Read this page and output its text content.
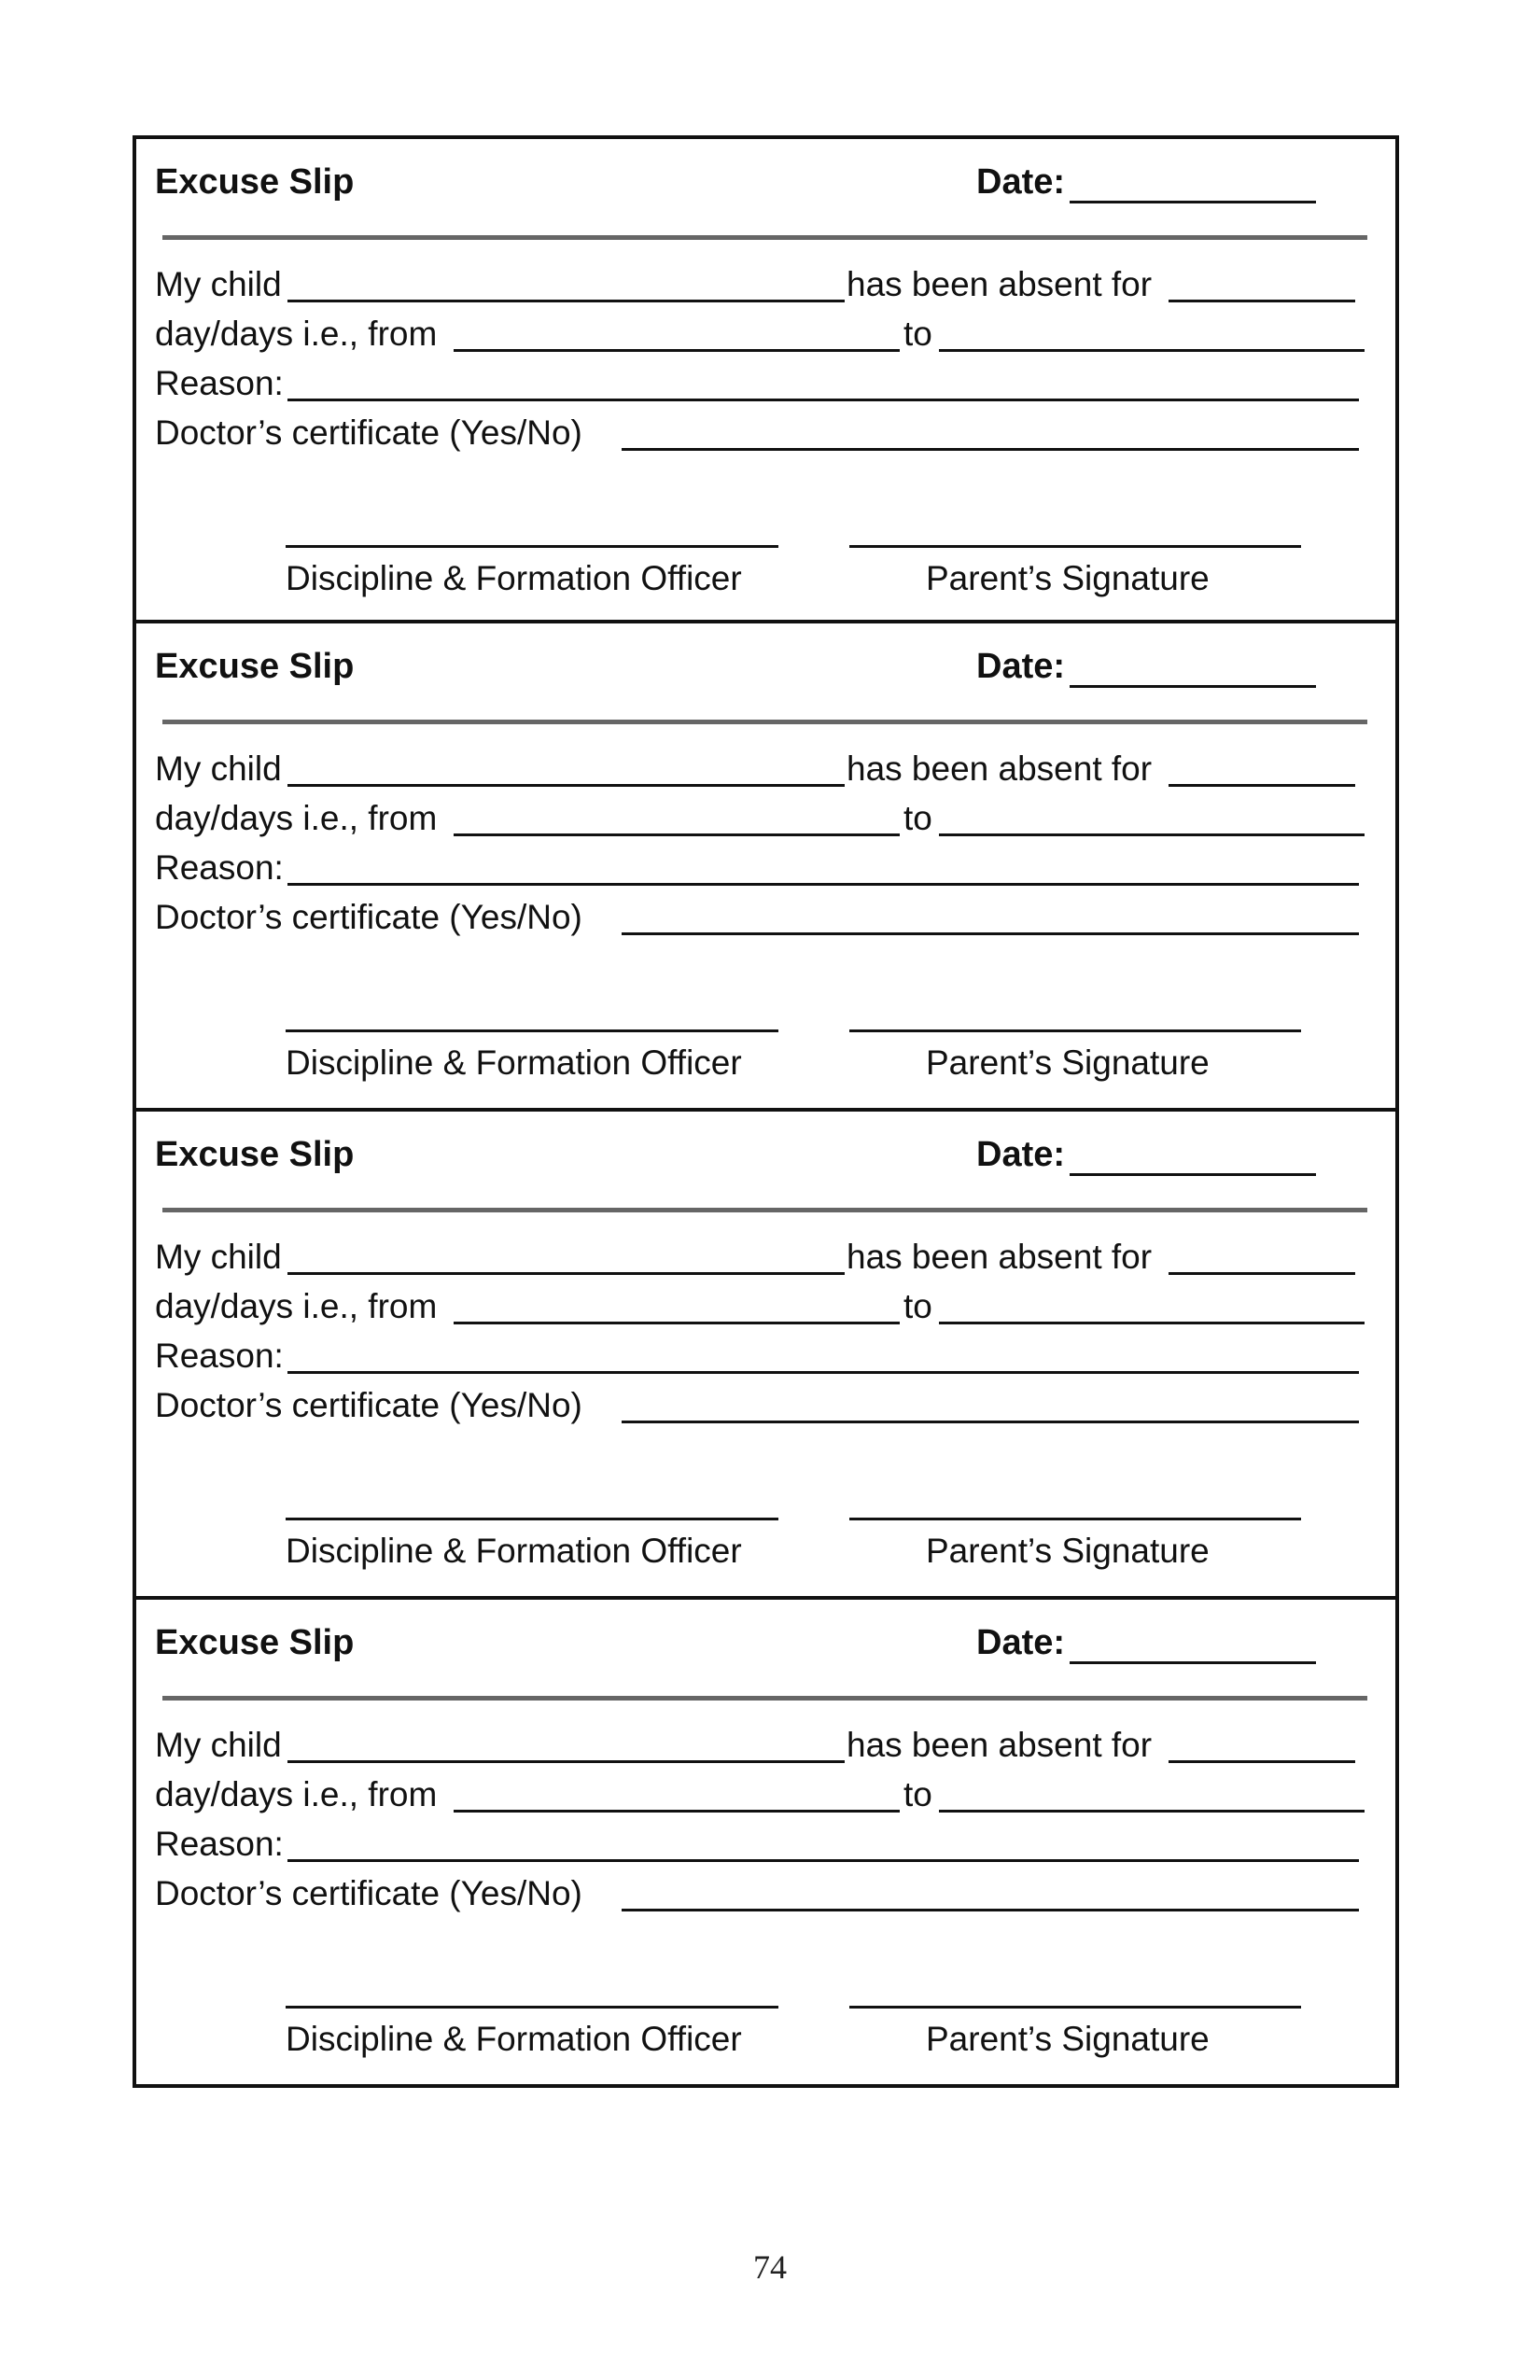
Excuse Slip	Date:
My child	has been absent for
day/days i.e., from	to
Reason:
Doctor’s certificate (Yes/No)
Discipline & Formation Officer	Parent’s Signature
Excuse Slip	Date:
My child	has been absent for
day/days i.e., from	to
Reason:
Doctor’s certificate (Yes/No)
Discipline & Formation Officer	Parent’s Signature
Excuse Slip	Date:
My child	has been absent for
day/days i.e., from	to
Reason:
Doctor’s certificate (Yes/No)
Discipline & Formation Officer	Parent’s Signature
Excuse Slip	Date:
My child	has been absent for
day/days i.e., from	to
Reason:
Doctor’s certificate (Yes/No)
Discipline & Formation Officer	Parent’s Signature
74
